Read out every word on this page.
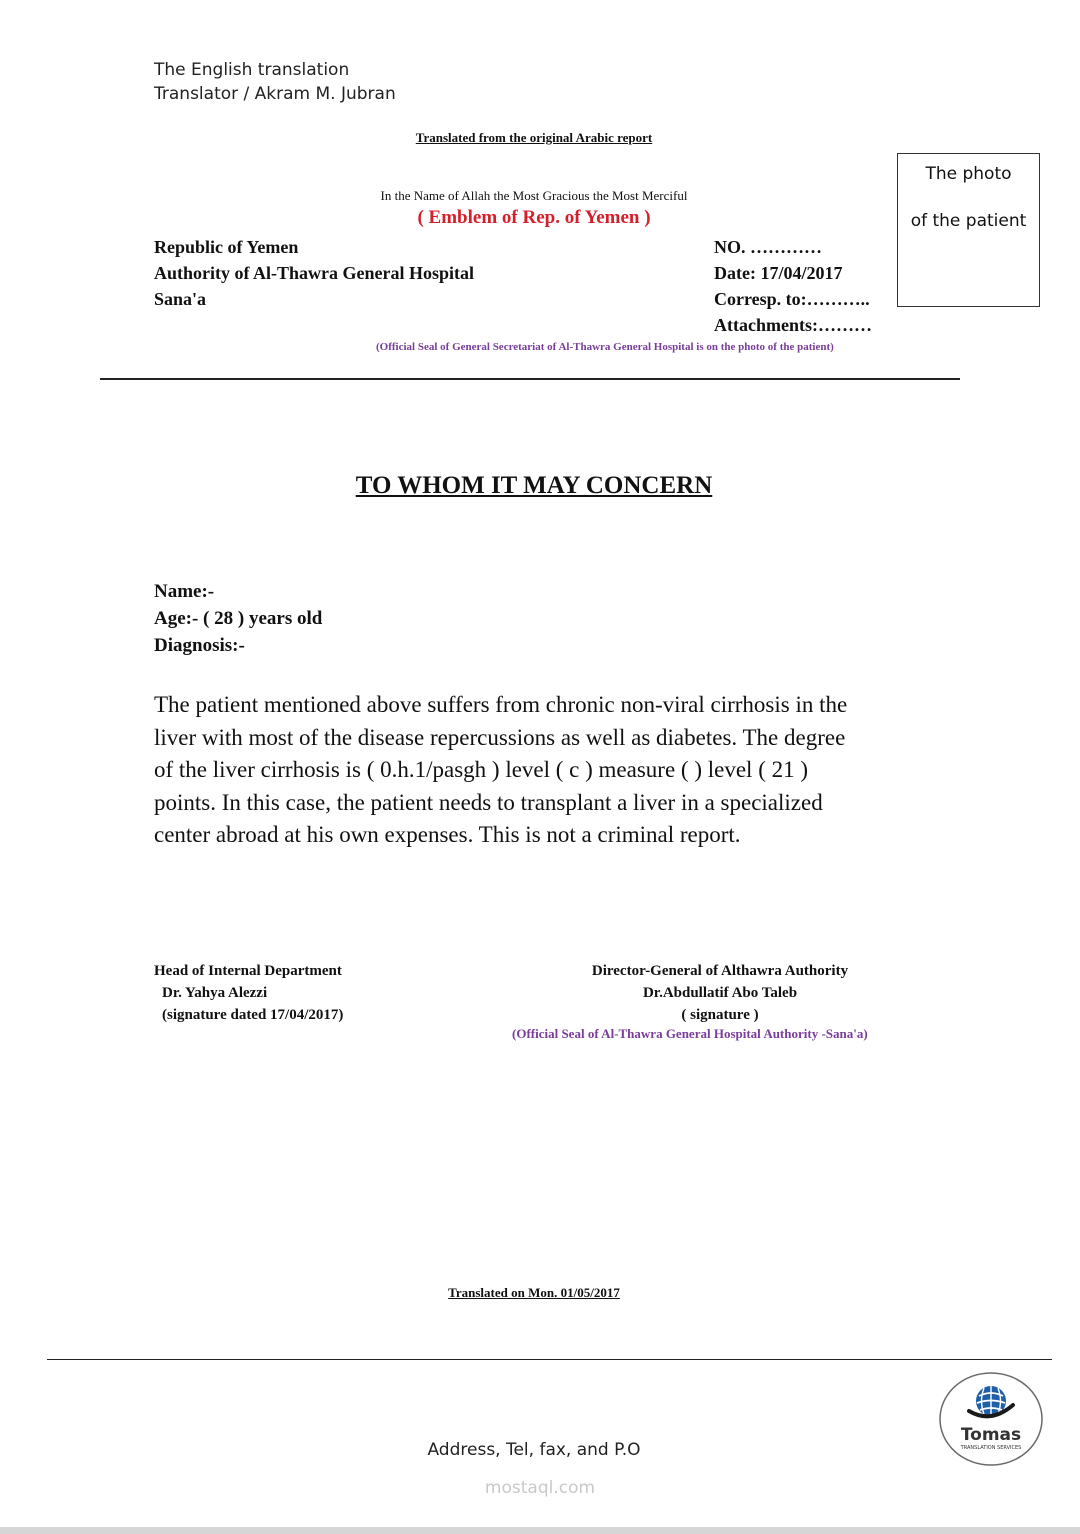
The English translation
Translator / Akram M. Jubran
Translated from the original Arabic report
In the Name of Allah the Most Gracious the Most Merciful
( Emblem of Rep. of Yemen )
The photo
of the patient
Republic of Yemen
Authority of Al-Thawra General Hospital
Sana'a
NO. …………
Date: 17/04/2017
Corresp. to:………..
Attachments:………
(Official Seal of General Secretariat of Al-Thawra General Hospital is on the photo of the patient)
TO WHOM IT MAY CONCERN
Name:-
Age:- ( 28 ) years old
Diagnosis:-
The patient mentioned above suffers from chronic non-viral cirrhosis in the
liver with most of the disease repercussions as well as diabetes. The degree
of the liver cirrhosis is ( 0.h.1/pasgh ) level ( c ) measure ( ) level ( 21 )
points. In this case, the patient needs to transplant a liver in a specialized
center abroad at his own expenses. This is not a criminal report.
Head of Internal Department
Dr. Yahya Alezzi
(signature dated 17/04/2017)
Director-General of Althawra Authority
Dr.Abdullatif Abo Taleb
( signature )
(Official Seal of Al-Thawra General Hospital Authority -Sana'a)
Translated on Mon. 01/05/2017
Address, Tel, fax, and P.O
mostaql.com
Tomas
TRANSLATION SERVICES
